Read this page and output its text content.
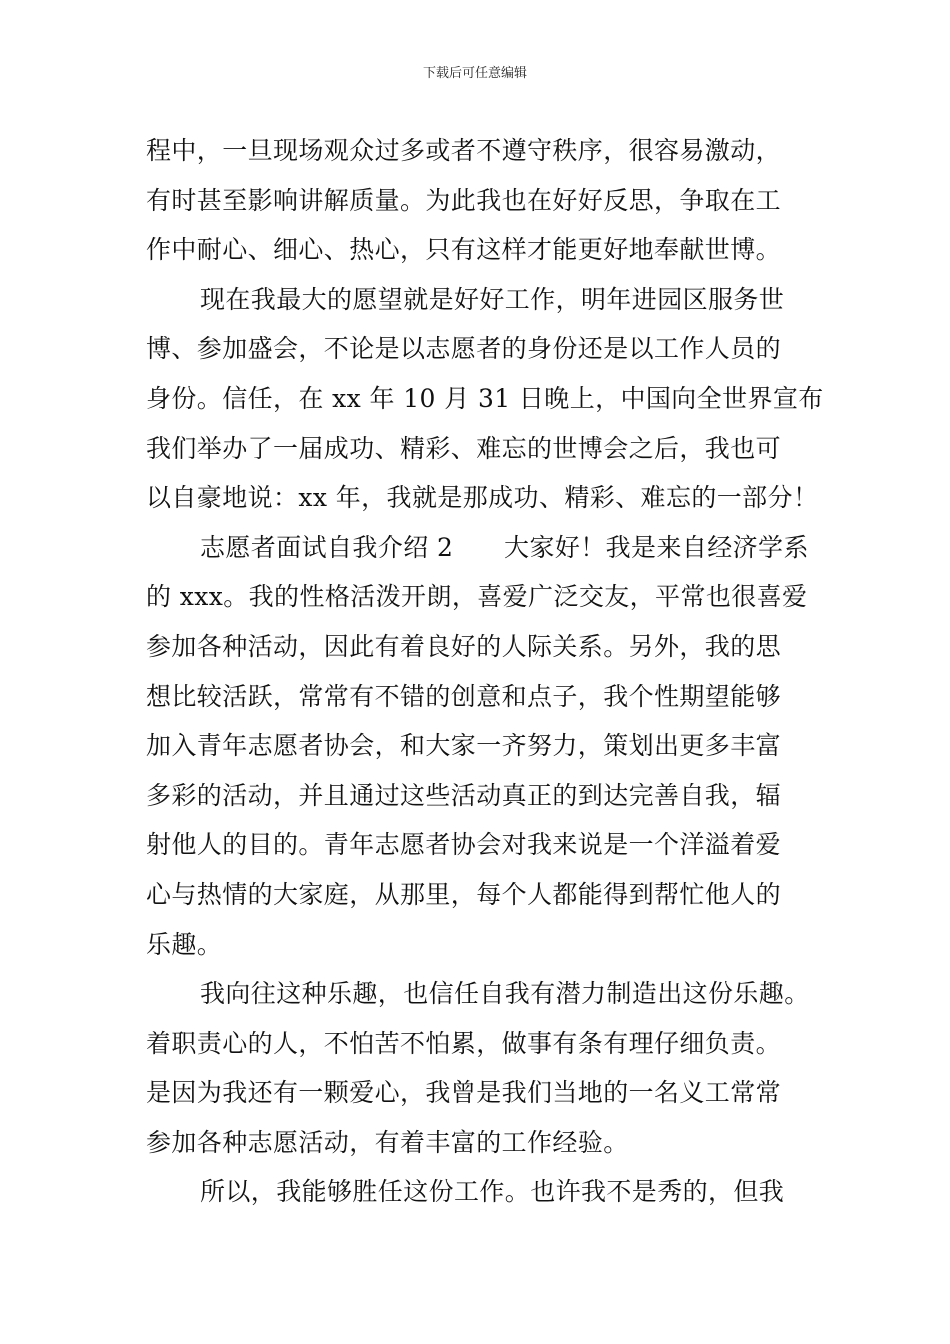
下载后可任意编辑
程中，一旦现场观众过多或者不遵守秩序，很容易激动，
有时甚至影响讲解质量。为此我也在好好反思，争取在工
作中耐心、细心、热心，只有这样才能更好地奉献世博。
现在我最大的愿望就是好好工作，明年进园区服务世
博、参加盛会，不论是以志愿者的身份还是以工作人员的
身份。信任，在 xx 年 10 月 31 日晚上，中国向全世界宣布
我们举办了一届成功、精彩、难忘的世博会之后，我也可
以自豪地说：xx 年，我就是那成功、精彩、难忘的一部分！
志愿者面试自我介绍 2　　大家好！我是来自经济学系
的 xxx。我的性格活泼开朗，喜爱广泛交友，平常也很喜爱
参加各种活动，因此有着良好的人际关系。另外，我的思
想比较活跃，常常有不错的创意和点子，我个性期望能够
加入青年志愿者协会，和大家一齐努力，策划出更多丰富
多彩的活动，并且通过这些活动真正的到达完善自我，辐
射他人的目的。青年志愿者协会对我来说是一个洋溢着爱
心与热情的大家庭，从那里，每个人都能得到帮忙他人的
乐趣。
我向往这种乐趣，也信任自我有潜力制造出这份乐趣。
着职责心的人，不怕苦不怕累，做事有条有理仔细负责。
是因为我还有一颗爱心，我曾是我们当地的一名义工常常
参加各种志愿活动，有着丰富的工作经验。
所以，我能够胜任这份工作。也许我不是秀的，但我
